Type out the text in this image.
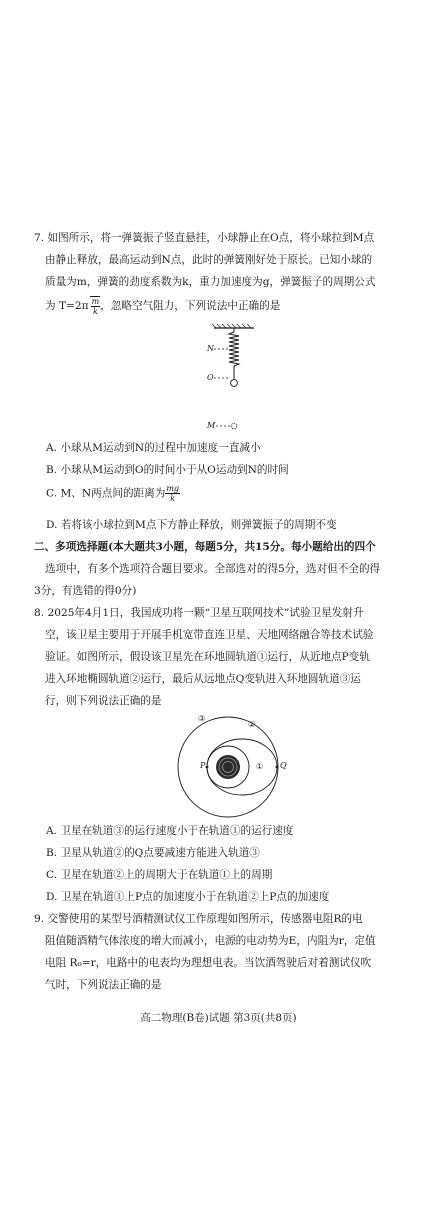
7. 如图所示，将一弹簧振子竖直悬挂，小球静止在O点，将小球拉到M点
由静止释放，最高运动到N点，此时的弹簧刚好处于原长。已知小球的
质量为m，弹簧的劲度系数为k，重力加速度为g，弹簧振子的周期公式
为 $T=2\pi \frac{m}{k}$ ，忽略空气阻力，下列说法中正确的是
N
O
M
A. 小球从M运动到N的过程中加速度一直减小
B. 小球从M运动到O的时间小于从O运动到N的时间
C. M、N两点间的距离为 $\frac{mg}{k}$
D. 若将该小球拉到M点下方静止释放，则弹簧振子的周期不变
二、多项选择题(本大题共3小题，每题5分，共15分。每小题给出的四个
选项中，有多个选项符合题目要求。全部选对的得5分，选对但不全的得
3分，有选错的得0分)
8. 2025年4月1日，我国成功将一颗“卫星互联网技术”试验卫星发射升
空，该卫星主要用于开展手机宽带直连卫星、天地网络融合等技术试验
验证。如图所示，假设该卫星先在环地圆轨道①运行，从近地点P变轨
进入环地椭圆轨道②运行，最后从远地点Q变轨进入环地圆轨道③运
行，则下列说法正确的是
③
②
①
P	Q
A. 卫星在轨道③的运行速度小于在轨道①的运行速度
B. 卫星从轨道②的Q点要减速方能进入轨道③
C. 卫星在轨道②上的周期大于在轨道①上的周期
D. 卫星在轨道①上P点的加速度小于在轨道②上P点的加速度
9. 交警使用的某型号酒精测试仪工作原理如图所示，传感器电阻R的电
阻值随酒精气体浓度的增大而减小，电源的电动势为E，内阻为r，定值
电阻 R₀=r，电路中的电表均为理想电表。当饮酒驾驶后对着测试仪吹
气时，下列说法正确的是
高二物理(B卷)试题 第3页(共8页)
